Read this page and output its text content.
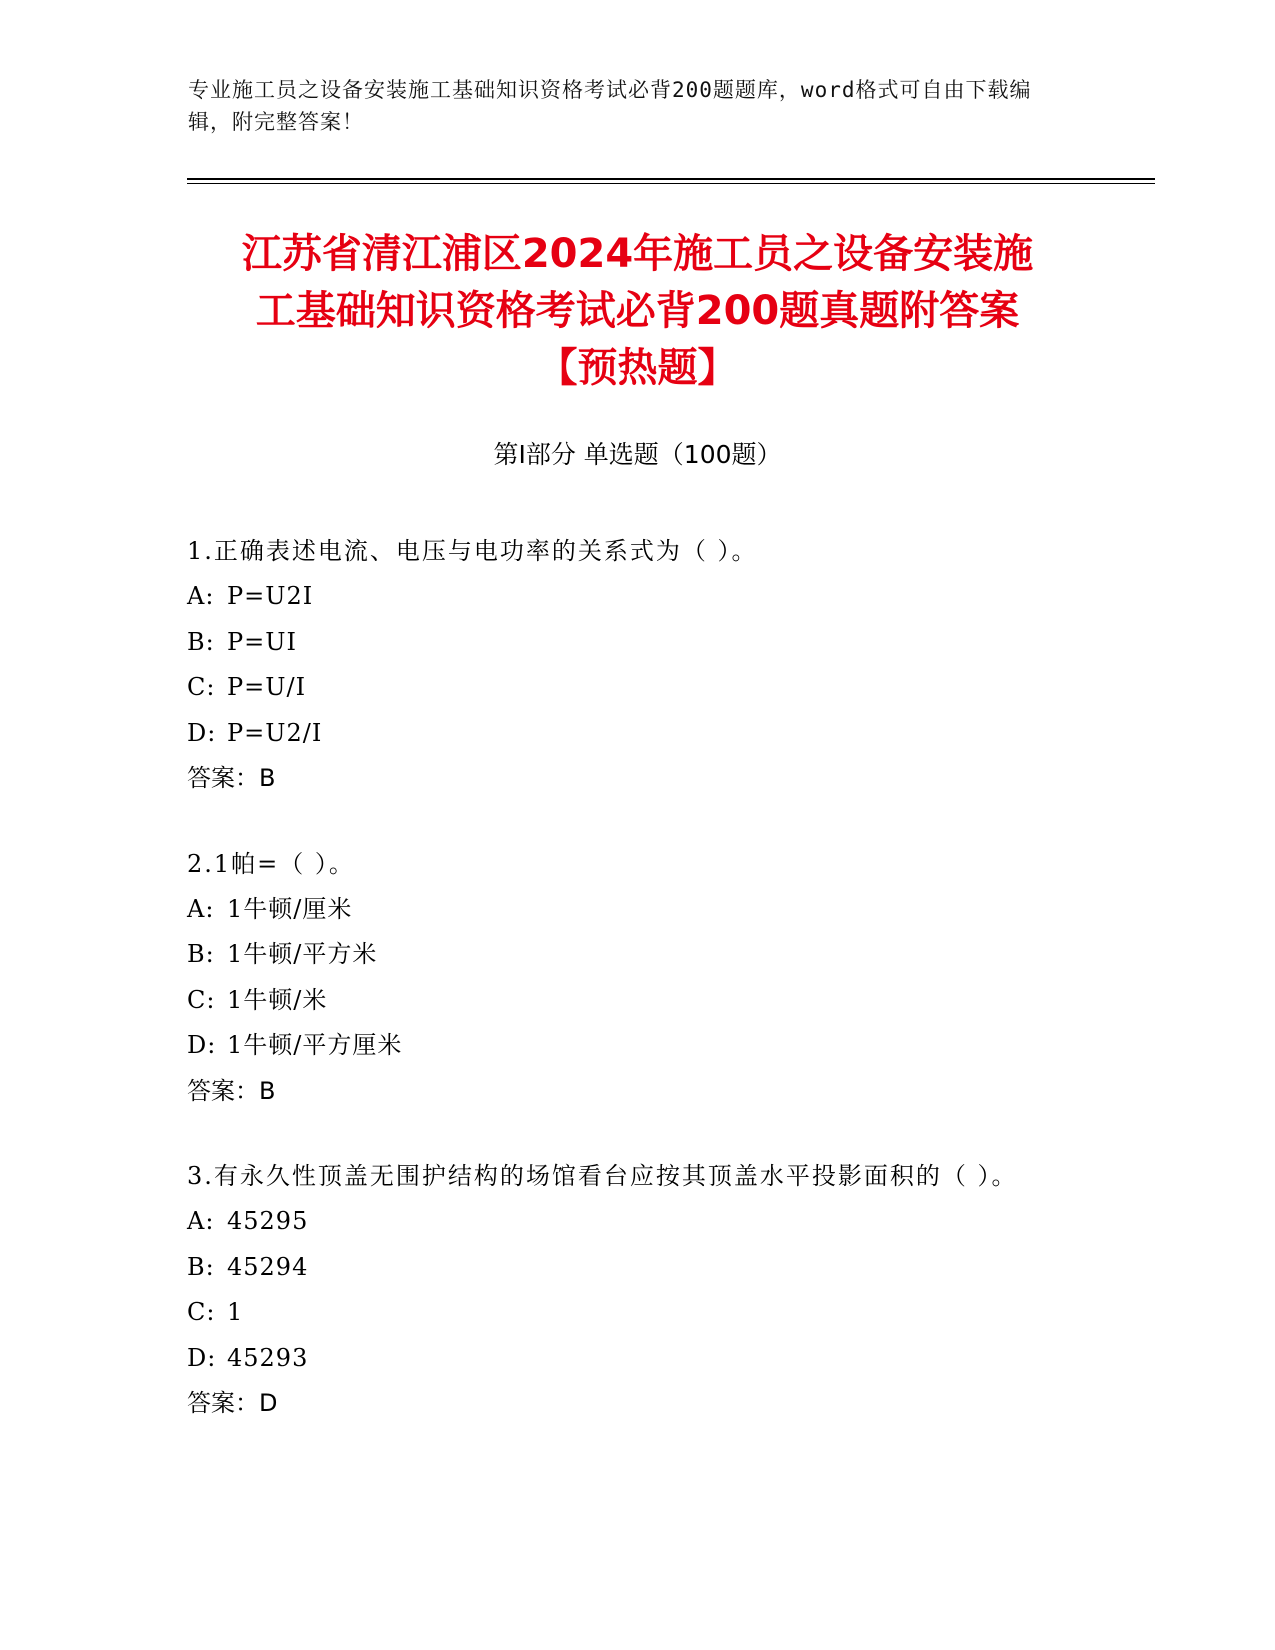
专业施工员之设备安装施工基础知识资格考试必背200题题库，word格式可自由下载编辑，附完整答案！
江苏省清江浦区2024年施工员之设备安装施
工基础知识资格考试必背200题真题附答案
【预热题】
第Ⅰ部分 单选题（100题）
1.正确表述电流、电压与电功率的关系式为（ ）。
A: P=U2I
B: P=UI
C: P=U/I
D: P=U2/I
答案：B
2.1帕=（ ）。
A: 1牛顿/厘米
B: 1牛顿/平方米
C: 1牛顿/米
D: 1牛顿/平方厘米
答案：B
3.有永久性顶盖无围护结构的场馆看台应按其顶盖水平投影面积的（ ）。
A: 45295
B: 45294
C: 1
D: 45293
答案：D
